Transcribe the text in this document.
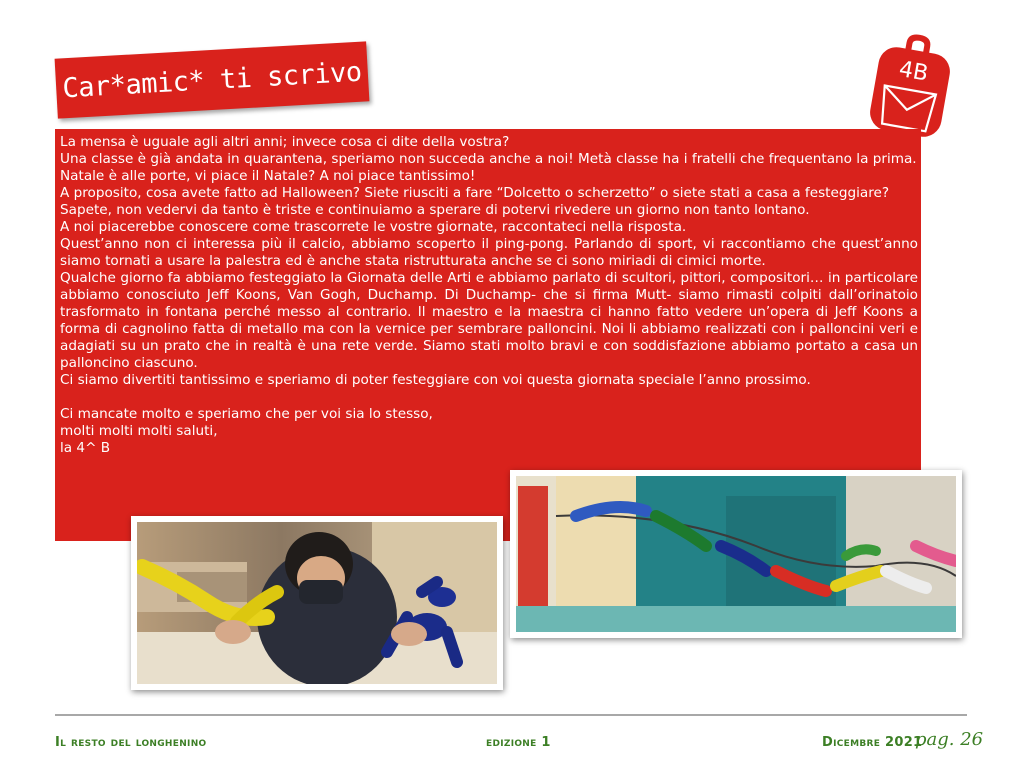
Car*amic* ti scrivo	4B

La mensa è uguale agli altri anni; invece cosa ci dite della vostra?

Una classe è già andata in quarantena, speriamo non succeda anche a noi! Metà classe ha i fratelli che frequentano la prima.

Natale è alle porte, vi piace il Natale? A noi piace tantissimo!

A proposito, cosa avete fatto ad Halloween? Siete riusciti a fare “Dolcetto o scherzetto” o siete stati a casa a festeggiare?

Sapete, non vedervi da tanto è triste e continuiamo a sperare di potervi rivedere un giorno non tanto lontano.

A noi piacerebbe conoscere come trascorrete le vostre giornate, raccontateci nella risposta.

Quest’anno non ci interessa più il calcio, abbiamo scoperto il ping-pong. Parlando di sport, vi raccontiamo che quest’anno siamo tornati a usare la palestra ed è anche stata ristrutturata anche se ci sono miriadi di cimici morte.

Qualche giorno fa abbiamo festeggiato la Giornata delle Arti e abbiamo parlato di scultori, pittori, compositori… in particolare abbiamo conosciuto Jeff Koons, Van Gogh, Duchamp. Di Duchamp- che si firma Mutt- siamo rimasti colpiti dall’orinatoio trasformato in fontana perché messo al contrario. Il maestro e la maestra ci hanno fatto vedere un’opera di Jeff Koons a forma di cagnolino fatta di metallo ma con la vernice per sembrare palloncini. Noi li abbiamo realizzati con i palloncini veri e adagiati su un prato che in realtà è una rete verde. Siamo stati molto bravi e con soddisfazione abbiamo portato a casa un palloncino ciascuno.

Ci siamo divertiti tantissimo e speriamo di poter festeggiare con voi questa giornata speciale l’anno prossimo.

Ci mancate molto e speriamo che per voi sia lo stesso,

molti molti molti saluti,

la 4^ B

Il resto del longhenino	edizione 1	Dicembre 2021
pag. 26
